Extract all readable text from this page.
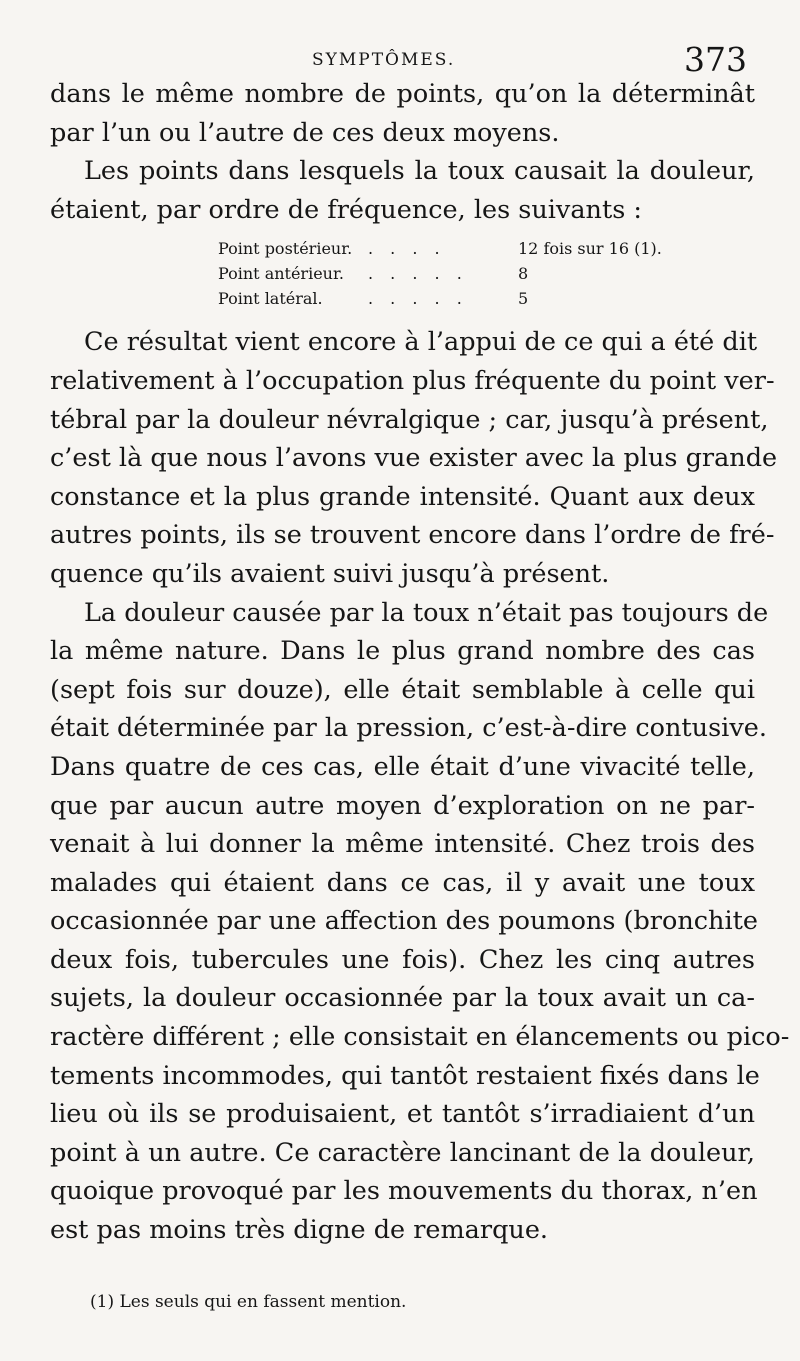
SYMPTÔMES.	373
dans le même nombre de points, qu’on la déterminât
par l’un ou l’autre de ces deux moyens.
Les points dans lesquels la toux causait la douleur,
étaient, par ordre de fréquence, les suivants :
Point postérieur. . . . .	12 fois sur 16 (1).
Point antérieur.	. . . . .	8
Point latéral.	. . . . .	5
Ce résultat vient encore à l’appui de ce qui a été dit
relativement à l’occupation plus fréquente du point ver-
tébral par la douleur névralgique ; car, jusqu’à présent,
c’est là que nous l’avons vue exister avec la plus grande
constance et la plus grande intensité. Quant aux deux
autres points, ils se trouvent encore dans l’ordre de fré-
quence qu’ils avaient suivi jusqu’à présent.
La douleur causée par la toux n’était pas toujours de
la même nature. Dans le plus grand nombre des cas
(sept fois sur douze), elle était semblable à celle qui
était déterminée par la pression, c’est-à-dire contusive.
Dans quatre de ces cas, elle était d’une vivacité telle,
que par aucun autre moyen d’exploration on ne par-
venait à lui donner la même intensité. Chez trois des
malades qui étaient dans ce cas, il y avait une toux
occasionnée par une affection des poumons (bronchite
deux fois, tubercules une fois). Chez les cinq autres
sujets, la douleur occasionnée par la toux avait un ca-
ractère différent ; elle consistait en élancements ou pico-
tements incommodes, qui tantôt restaient fixés dans le
lieu où ils se produisaient, et tantôt s’irradiaient d’un
point à un autre. Ce caractère lancinant de la douleur,
quoique provoqué par les mouvements du thorax, n’en
est pas moins très digne de remarque.
(1) Les seuls qui en fassent mention.
